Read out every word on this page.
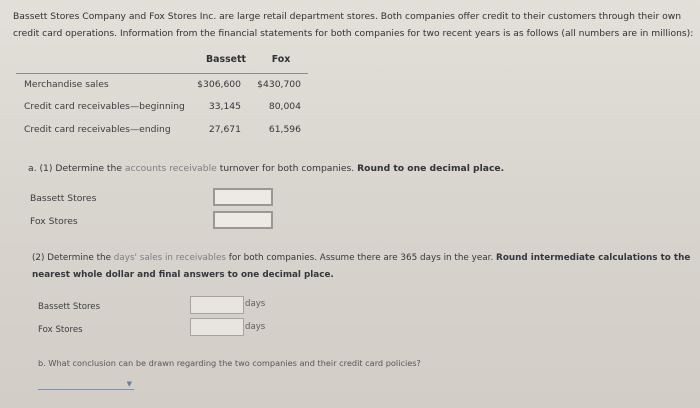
Bassett Stores Company and Fox Stores Inc. are large retail department stores. Both companies offer credit to their customers through their own credit card operations. Information from the financial statements for both companies for two recent years is as follows (all numbers are in millions):
Bassett	Fox
Merchandise sales	$306,600	$430,700
Credit card receivables—beginning	33,145	80,004
Credit card receivables—ending	27,671	61,596
a. (1) Determine the accounts receivable turnover for both companies. Round to one decimal place.
Bassett Stores
Fox Stores
(2) Determine the days' sales in receivables for both companies. Assume there are 365 days in the year. Round intermediate calculations to the nearest whole dollar and final answers to one decimal place.
Bassett Stores	days
Fox Stores	days
b. What conclusion can be drawn regarding the two companies and their credit card policies?
▼
